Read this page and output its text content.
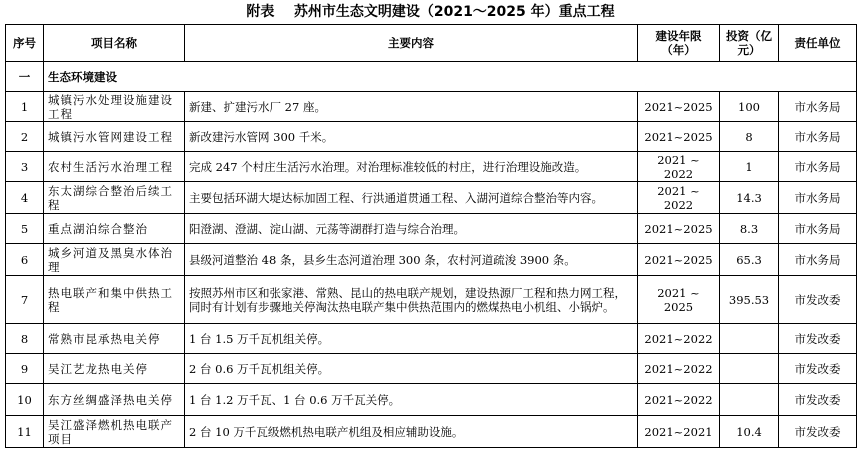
附表    苏州市生态文明建设（2021～2025 年）重点工程
序号	项目名称	主要内容	建设年限（年）	投资（亿元）	责任单位
一	生态环境建设				
1	城镇污水处理设施建设工程	新建、扩建污水厂 27 座。	2021~2025	100	市水务局
2	城镇污水管网建设工程	新改建污水管网 300 千米。	2021~2025	8	市水务局
3	农村生活污水治理工程	完成 247 个村庄生活污水治理。对治理标准较低的村庄，进行治理设施改造。	2021 ~ 2022	1	市水务局
4	东太湖综合整治后续工程	主要包括环湖大堤达标加固工程、行洪通道贯通工程、入湖河道综合整治等内容。	2021 ~ 2022	14.3	市水务局
5	重点湖泊综合整治	阳澄湖、澄湖、淀山湖、元荡等湖群打造与综合治理。	2021~2025	8.3	市水务局
6	城乡河道及黑臭水体治理	县级河道整治 48 条，县乡生态河道治理 300 条，农村河道疏浚 3900 条。	2021~2025	65.3	市水务局
7	热电联产和集中供热工程	按照苏州市区和张家港、常熟、昆山的热电联产规划，建设热源厂工程和热力网工程，同时有计划有步骤地关停淘汰热电联产集中供热范围内的燃煤热电小机组、小锅炉。	2021 ~ 2025	395.53	市发改委
8	常熟市昆承热电关停	1 台 1.5 万千瓦机组关停。	2021~2022		市发改委
9	吴江艺龙热电关停	2 台 0.6 万千瓦机组关停。	2021~2022		市发改委
10	东方丝绸盛泽热电关停	1 台 1.2 万千瓦、1 台 0.6 万千瓦关停。	2021~2022		市发改委
11	吴江盛泽燃机热电联产项目	2 台 10 万千瓦级燃机热电联产机组及相应辅助设施。	2021~2021	10.4	市发改委
